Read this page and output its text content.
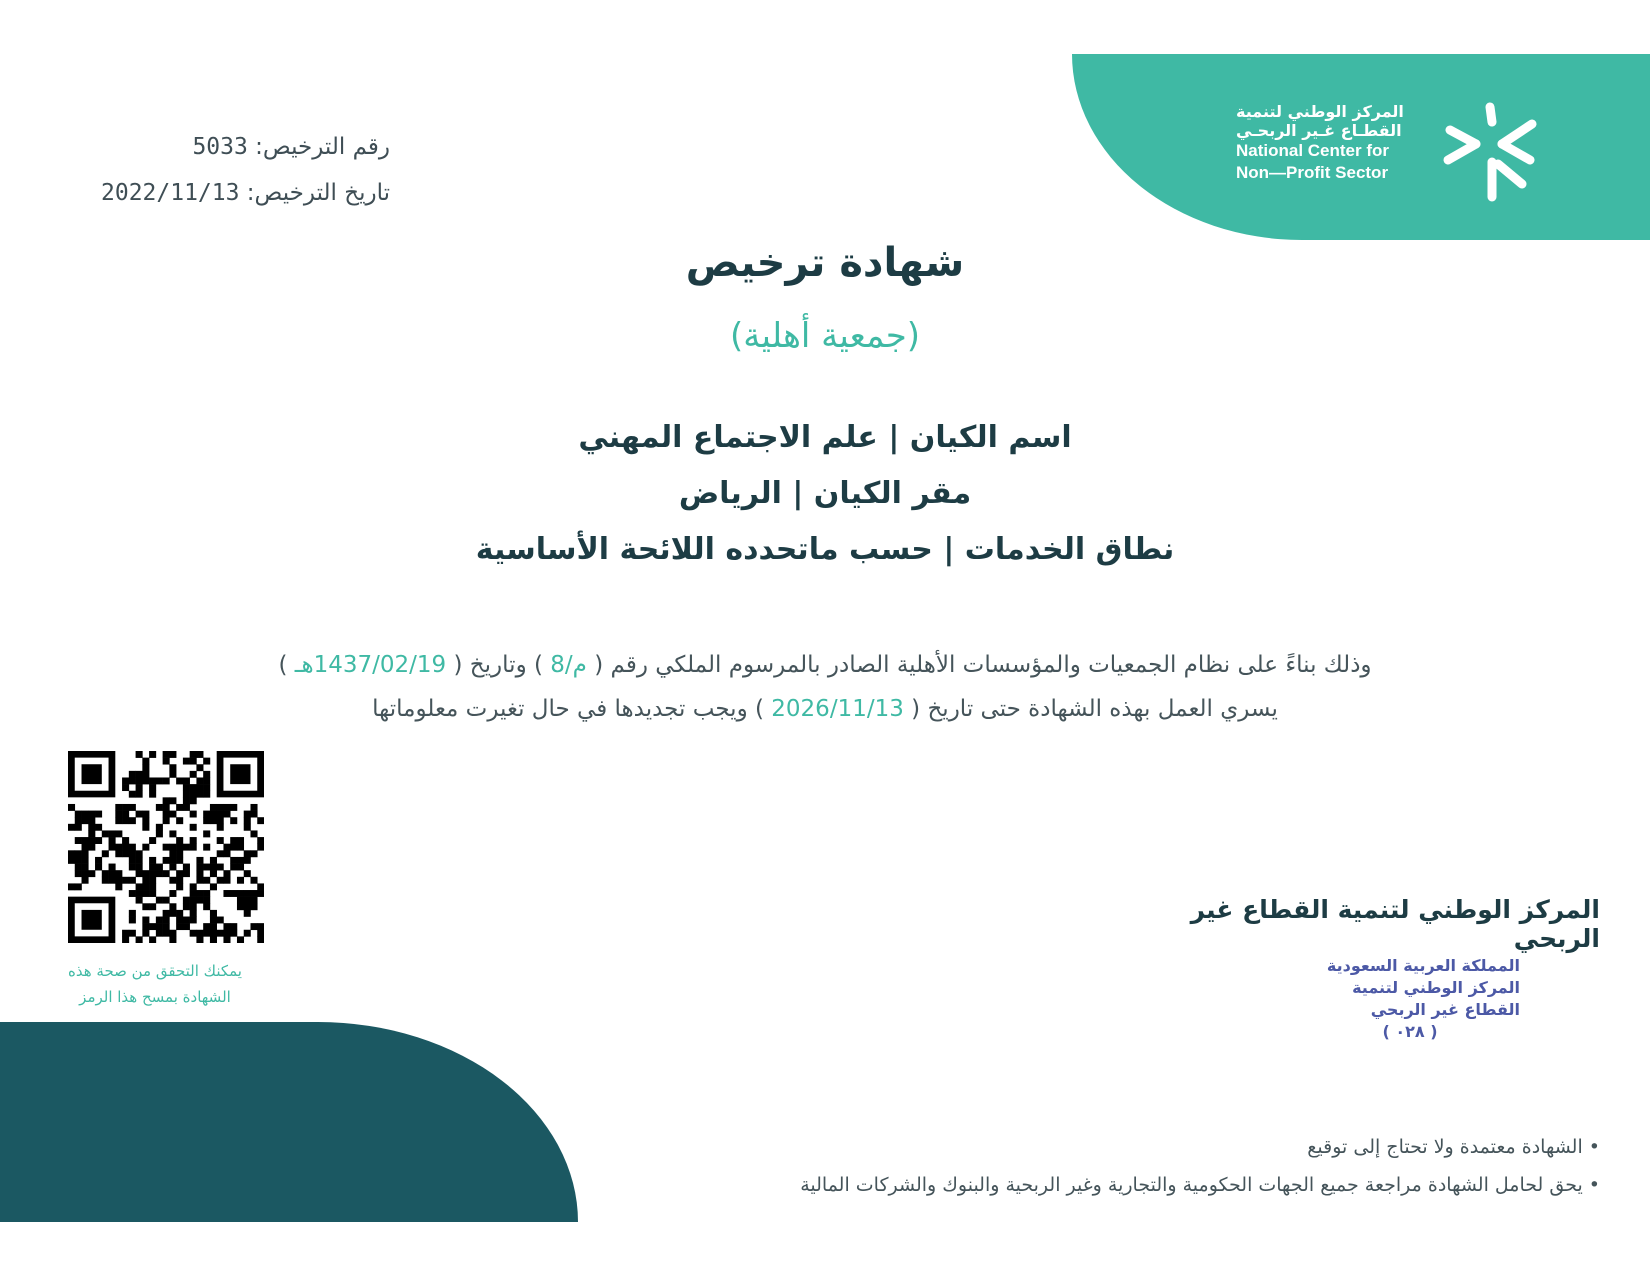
المركز الوطني لتنمية
القطـاع غـير الربحـي
National Center for
Non—Profit Sector
رقم الترخيص: 5033
تاريخ الترخيص: 2022/11/13
شهادة ترخيص
(جمعية أهلية)
اسم الكيان | علم الاجتماع المهني
مقر الكيان | الرياض
نطاق الخدمات | حسب ماتحدده اللائحة الأساسية
وذلك بناءً على نظام الجمعيات والمؤسسات الأهلية الصادر بالمرسوم الملكي رقم ( م/8 ) وتاريخ ( 1437/02/19هـ )
يسري العمل بهذه الشهادة حتى تاريخ ( 2026/11/13 ) ويجب تجديدها في حال تغيرت معلوماتها
يمكنك التحقق من صحة هذه
الشهادة بمسح هذا الرمز
المركز الوطني لتنمية القطاع غير الربحي
المملكة العربية السعودية
المركز الوطني لتنمية
القطاع غير الربحي
( ٠٢٨ )
• الشهادة معتمدة ولا تحتاج إلى توقيع
• يحق لحامل الشهادة مراجعة جميع الجهات الحكومية والتجارية وغير الربحية والبنوك والشركات المالية
